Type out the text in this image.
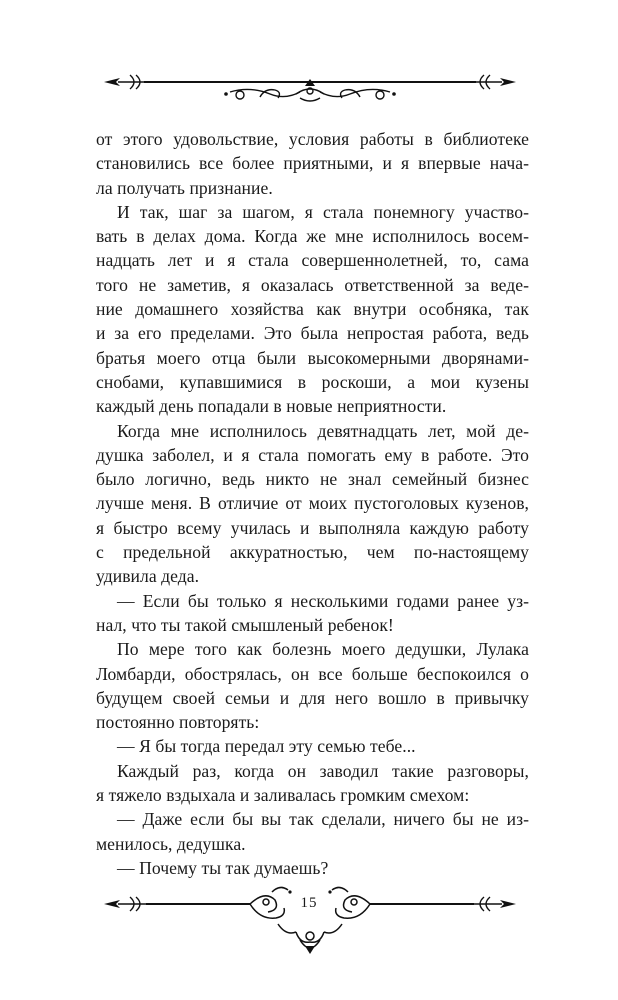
от этого удовольствие, условия работы в библиотеке
становились все более приятными, и я впервые нача-
ла получать признание.
И так, шаг за шагом, я стала понемногу участво-
вать в делах дома. Когда же мне исполнилось восем-
надцать лет и я стала совершеннолетней, то, сама
того не заметив, я оказалась ответственной за веде-
ние домашнего хозяйства как внутри особняка, так
и за его пределами. Это была непростая работа, ведь
братья моего отца были высокомерными дворянами-
снобами, купавшимися в роскоши, а мои кузены
каждый день попадали в новые неприятности.
Когда мне исполнилось девятнадцать лет, мой де-
душка заболел, и я стала помогать ему в работе. Это
было логично, ведь никто не знал семейный бизнес
лучше меня. В отличие от моих пустоголовых кузенов,
я быстро всему училась и выполняла каждую работу
с предельной аккуратностью, чем по-настоящему
удивила деда.
— Если бы только я несколькими годами ранее уз-
нал, что ты такой смышленый ребенок!
По мере того как болезнь моего дедушки, Лулака
Ломбарди, обострялась, он все больше беспокоился о
будущем своей семьи и для него вошло в привычку
постоянно повторять:
— Я бы тогда передал эту семью тебе...
Каждый раз, когда он заводил такие разговоры,
я тяжело вздыхала и заливалась громким смехом:
— Даже если бы вы так сделали, ничего бы не из-
менилось, дедушка.
— Почему ты так думаешь?
15
